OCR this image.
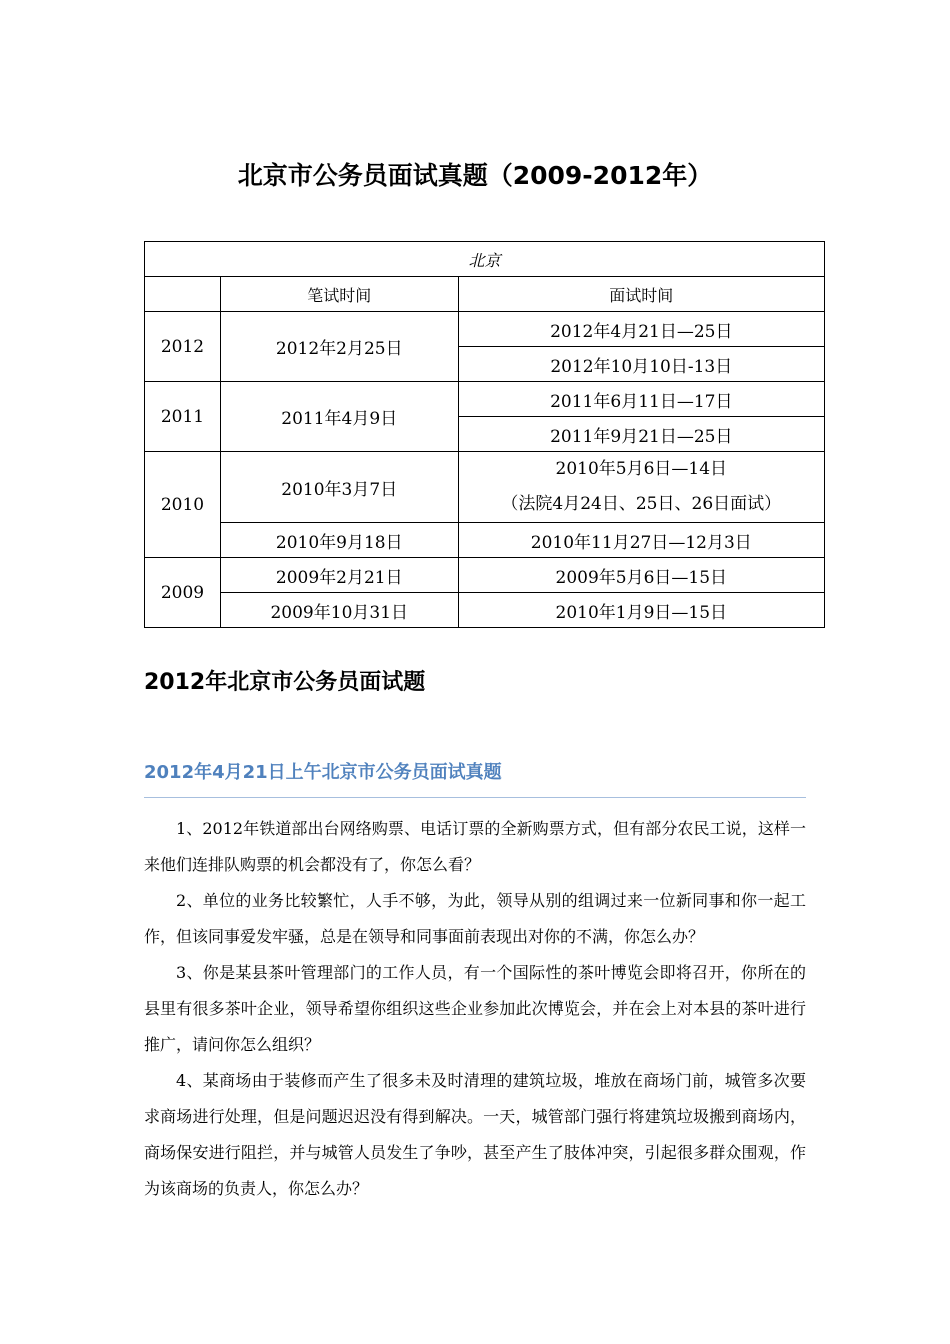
北京市公务员面试真题（2009-2012年）
北京		
	笔试时间	面试时间
2012	2012年2月25日	2012年4月21日—25日
		2012年10月10日-13日
2011	2011年4月9日	2011年6月11日—17日
		2011年9月21日—25日
2010	2010年3月7日	2010年5月6日—14日
（法院4月24日、25日、26日面试）

	2010年9月18日	2010年11月27日—12月3日
2009	2009年2月21日	2009年5月6日—15日
	2009年10月31日	2010年1月9日—15日
2012年北京市公务员面试题
2012年4月21日上午北京市公务员面试真题

1、2012年铁道部出台网络购票、电话订票的全新购票方式，但有部分农民工说，这样一来他们连排队购票的机会都没有了，你怎么看？

2、单位的业务比较繁忙，人手不够，为此，领导从别的组调过来一位新同事和你一起工作，但该同事爱发牢骚，总是在领导和同事面前表现出对你的不满，你怎么办？

3、你是某县茶叶管理部门的工作人员，有一个国际性的茶叶博览会即将召开，你所在的县里有很多茶叶企业，领导希望你组织这些企业参加此次博览会，并在会上对本县的茶叶进行推广，请问你怎么组织？

4、某商场由于装修而产生了很多未及时清理的建筑垃圾，堆放在商场门前，城管多次要求商场进行处理，但是问题迟迟没有得到解决。一天，城管部门强行将建筑垃圾搬到商场内，商场保安进行阻拦，并与城管人员发生了争吵，甚至产生了肢体冲突，引起很多群众围观，作为该商场的负责人，你怎么办？
